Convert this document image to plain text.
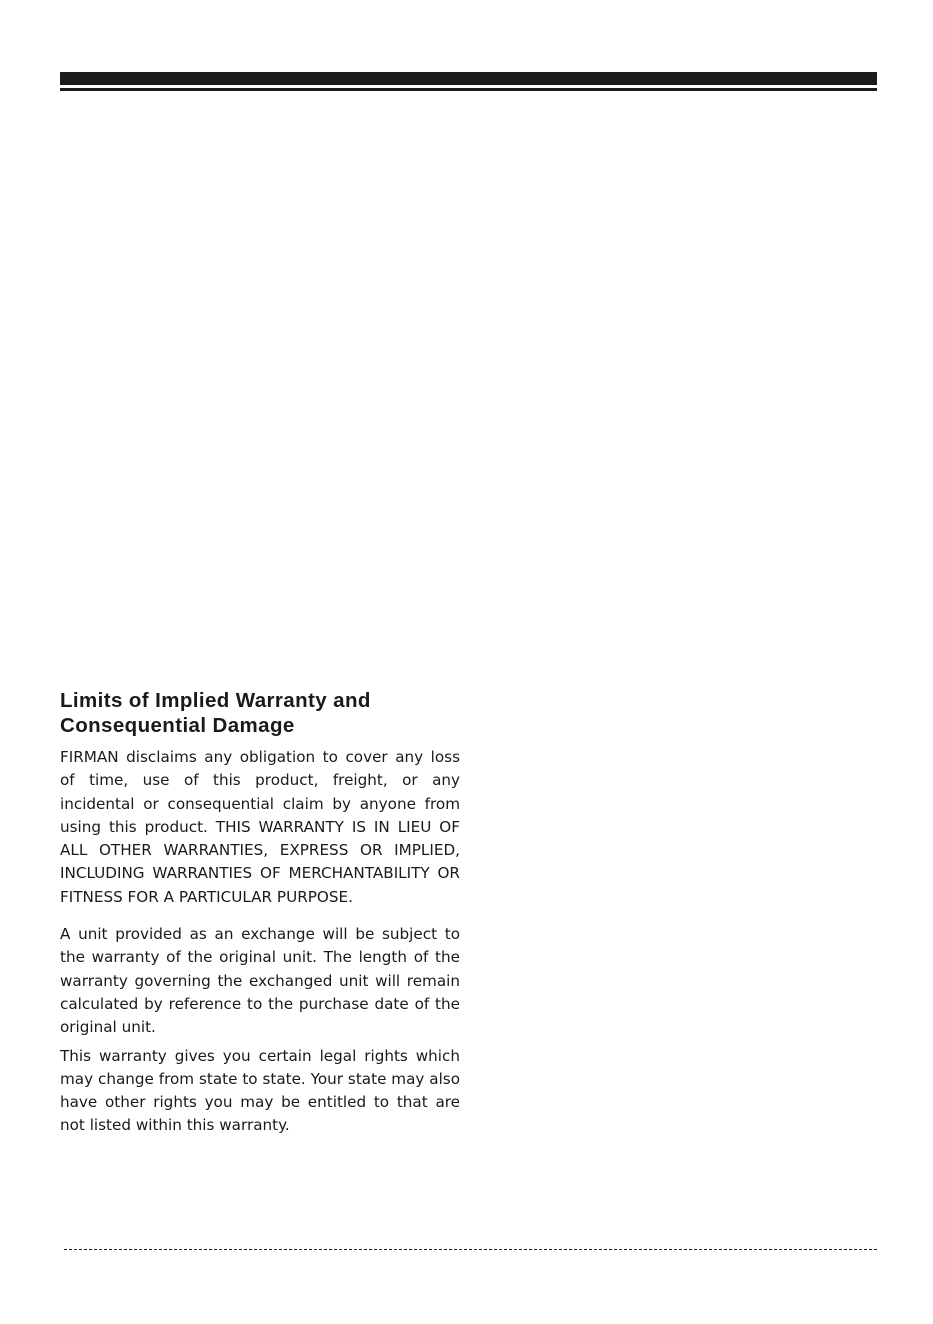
Limits of Implied Warranty and Consequential Damage

FIRMAN disclaims any obligation to cover any loss of time, use of this product, freight, or any incidental or consequential claim by anyone from using this product. THIS WARRANTY IS IN LIEU OF ALL OTHER WARRANTIES, EXPRESS OR IMPLIED, INCLUDING WARRANTIES OF MERCHANTABILITY OR FITNESS FOR A PARTICULAR PURPOSE.

A unit provided as an exchange will be subject to the warranty of the original unit. The length of the warranty governing the exchanged unit will remain calculated by reference to the purchase date of the original unit.

This warranty gives you certain legal rights which may change from state to state. Your state may also have other rights you may be entitled to that are not listed within this warranty.
